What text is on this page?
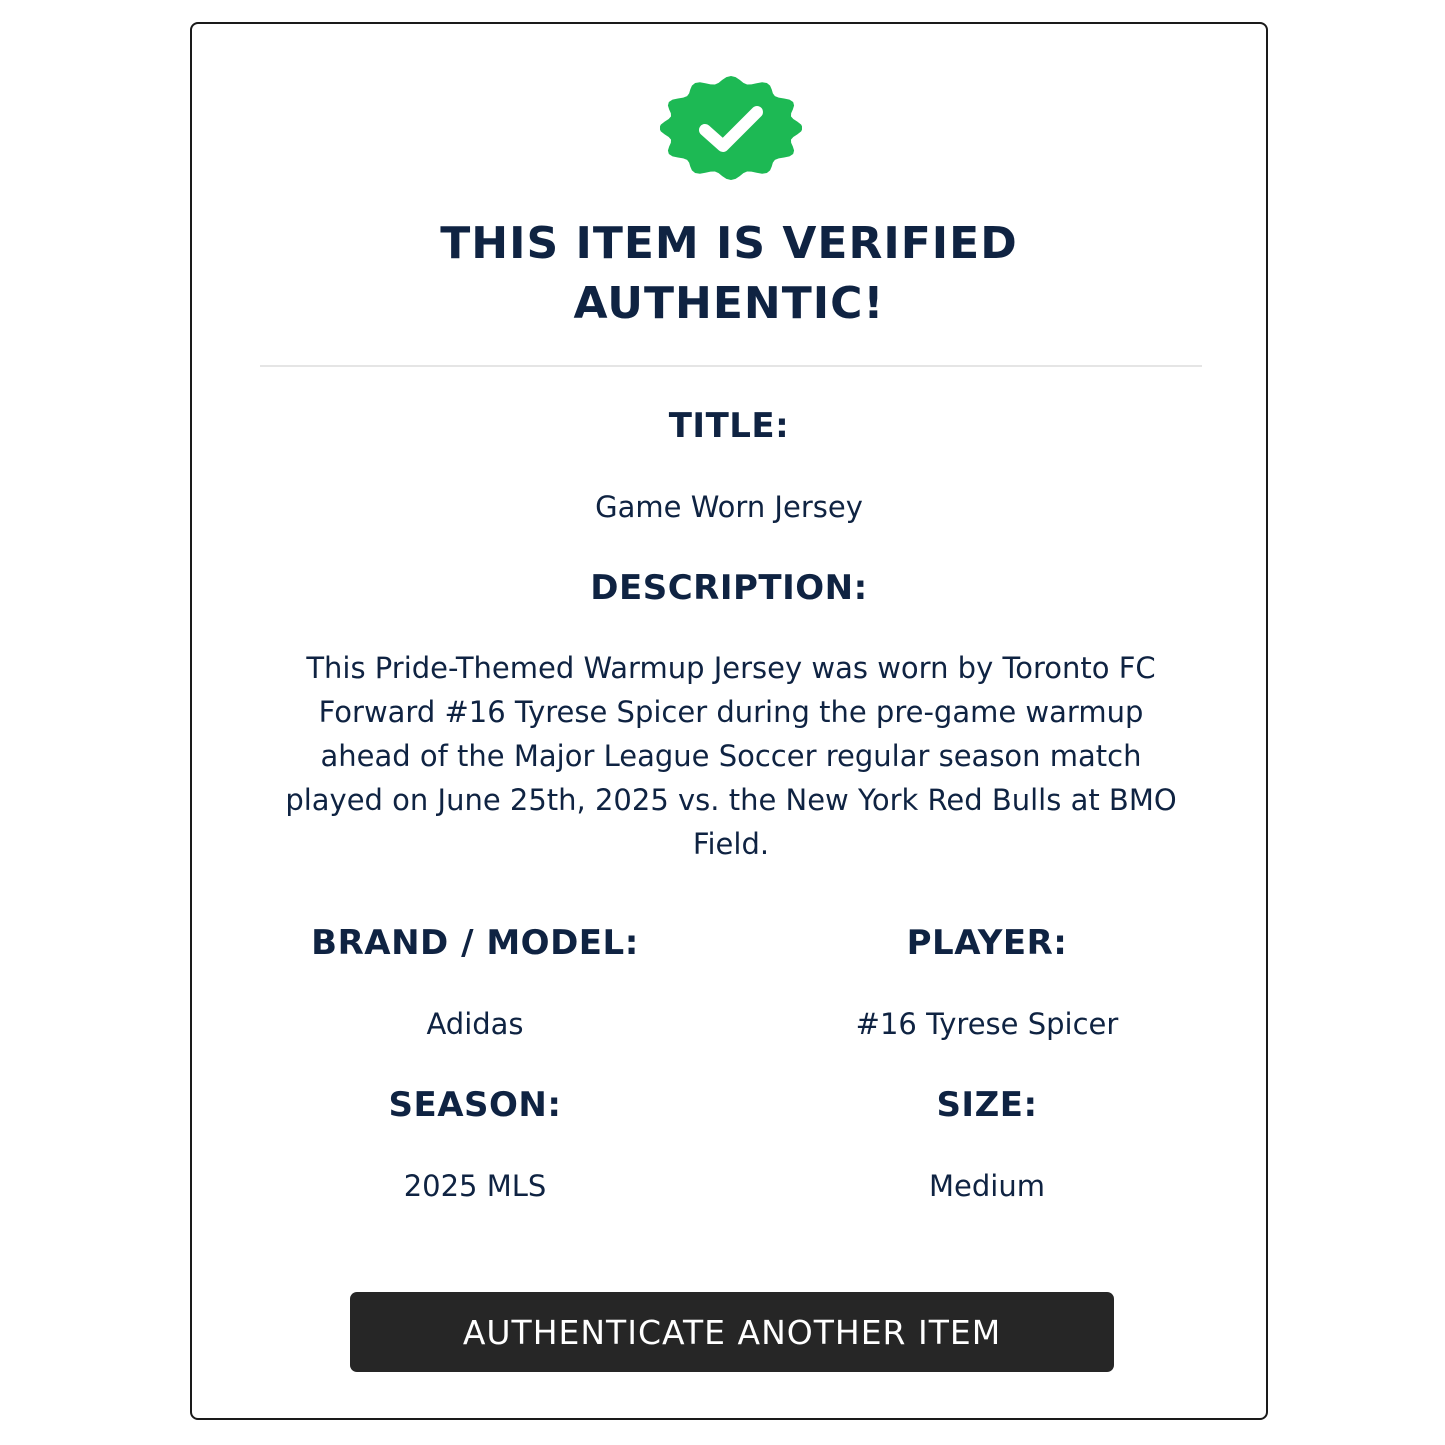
THIS ITEM IS VERIFIED
AUTHENTIC!

TITLE:

Game Worn Jersey

DESCRIPTION:

This Pride-Themed Warmup Jersey was worn by Toronto FC Forward #16 Tyrese Spicer during the pre-game warmup ahead of the Major League Soccer regular season match played on June 25th, 2025 vs. the New York Red Bulls at BMO Field.

BRAND / MODEL:	PLAYER:

Adidas	#16 Tyrese Spicer

SEASON:	SIZE:

2025 MLS	Medium

AUTHENTICATE ANOTHER ITEM
